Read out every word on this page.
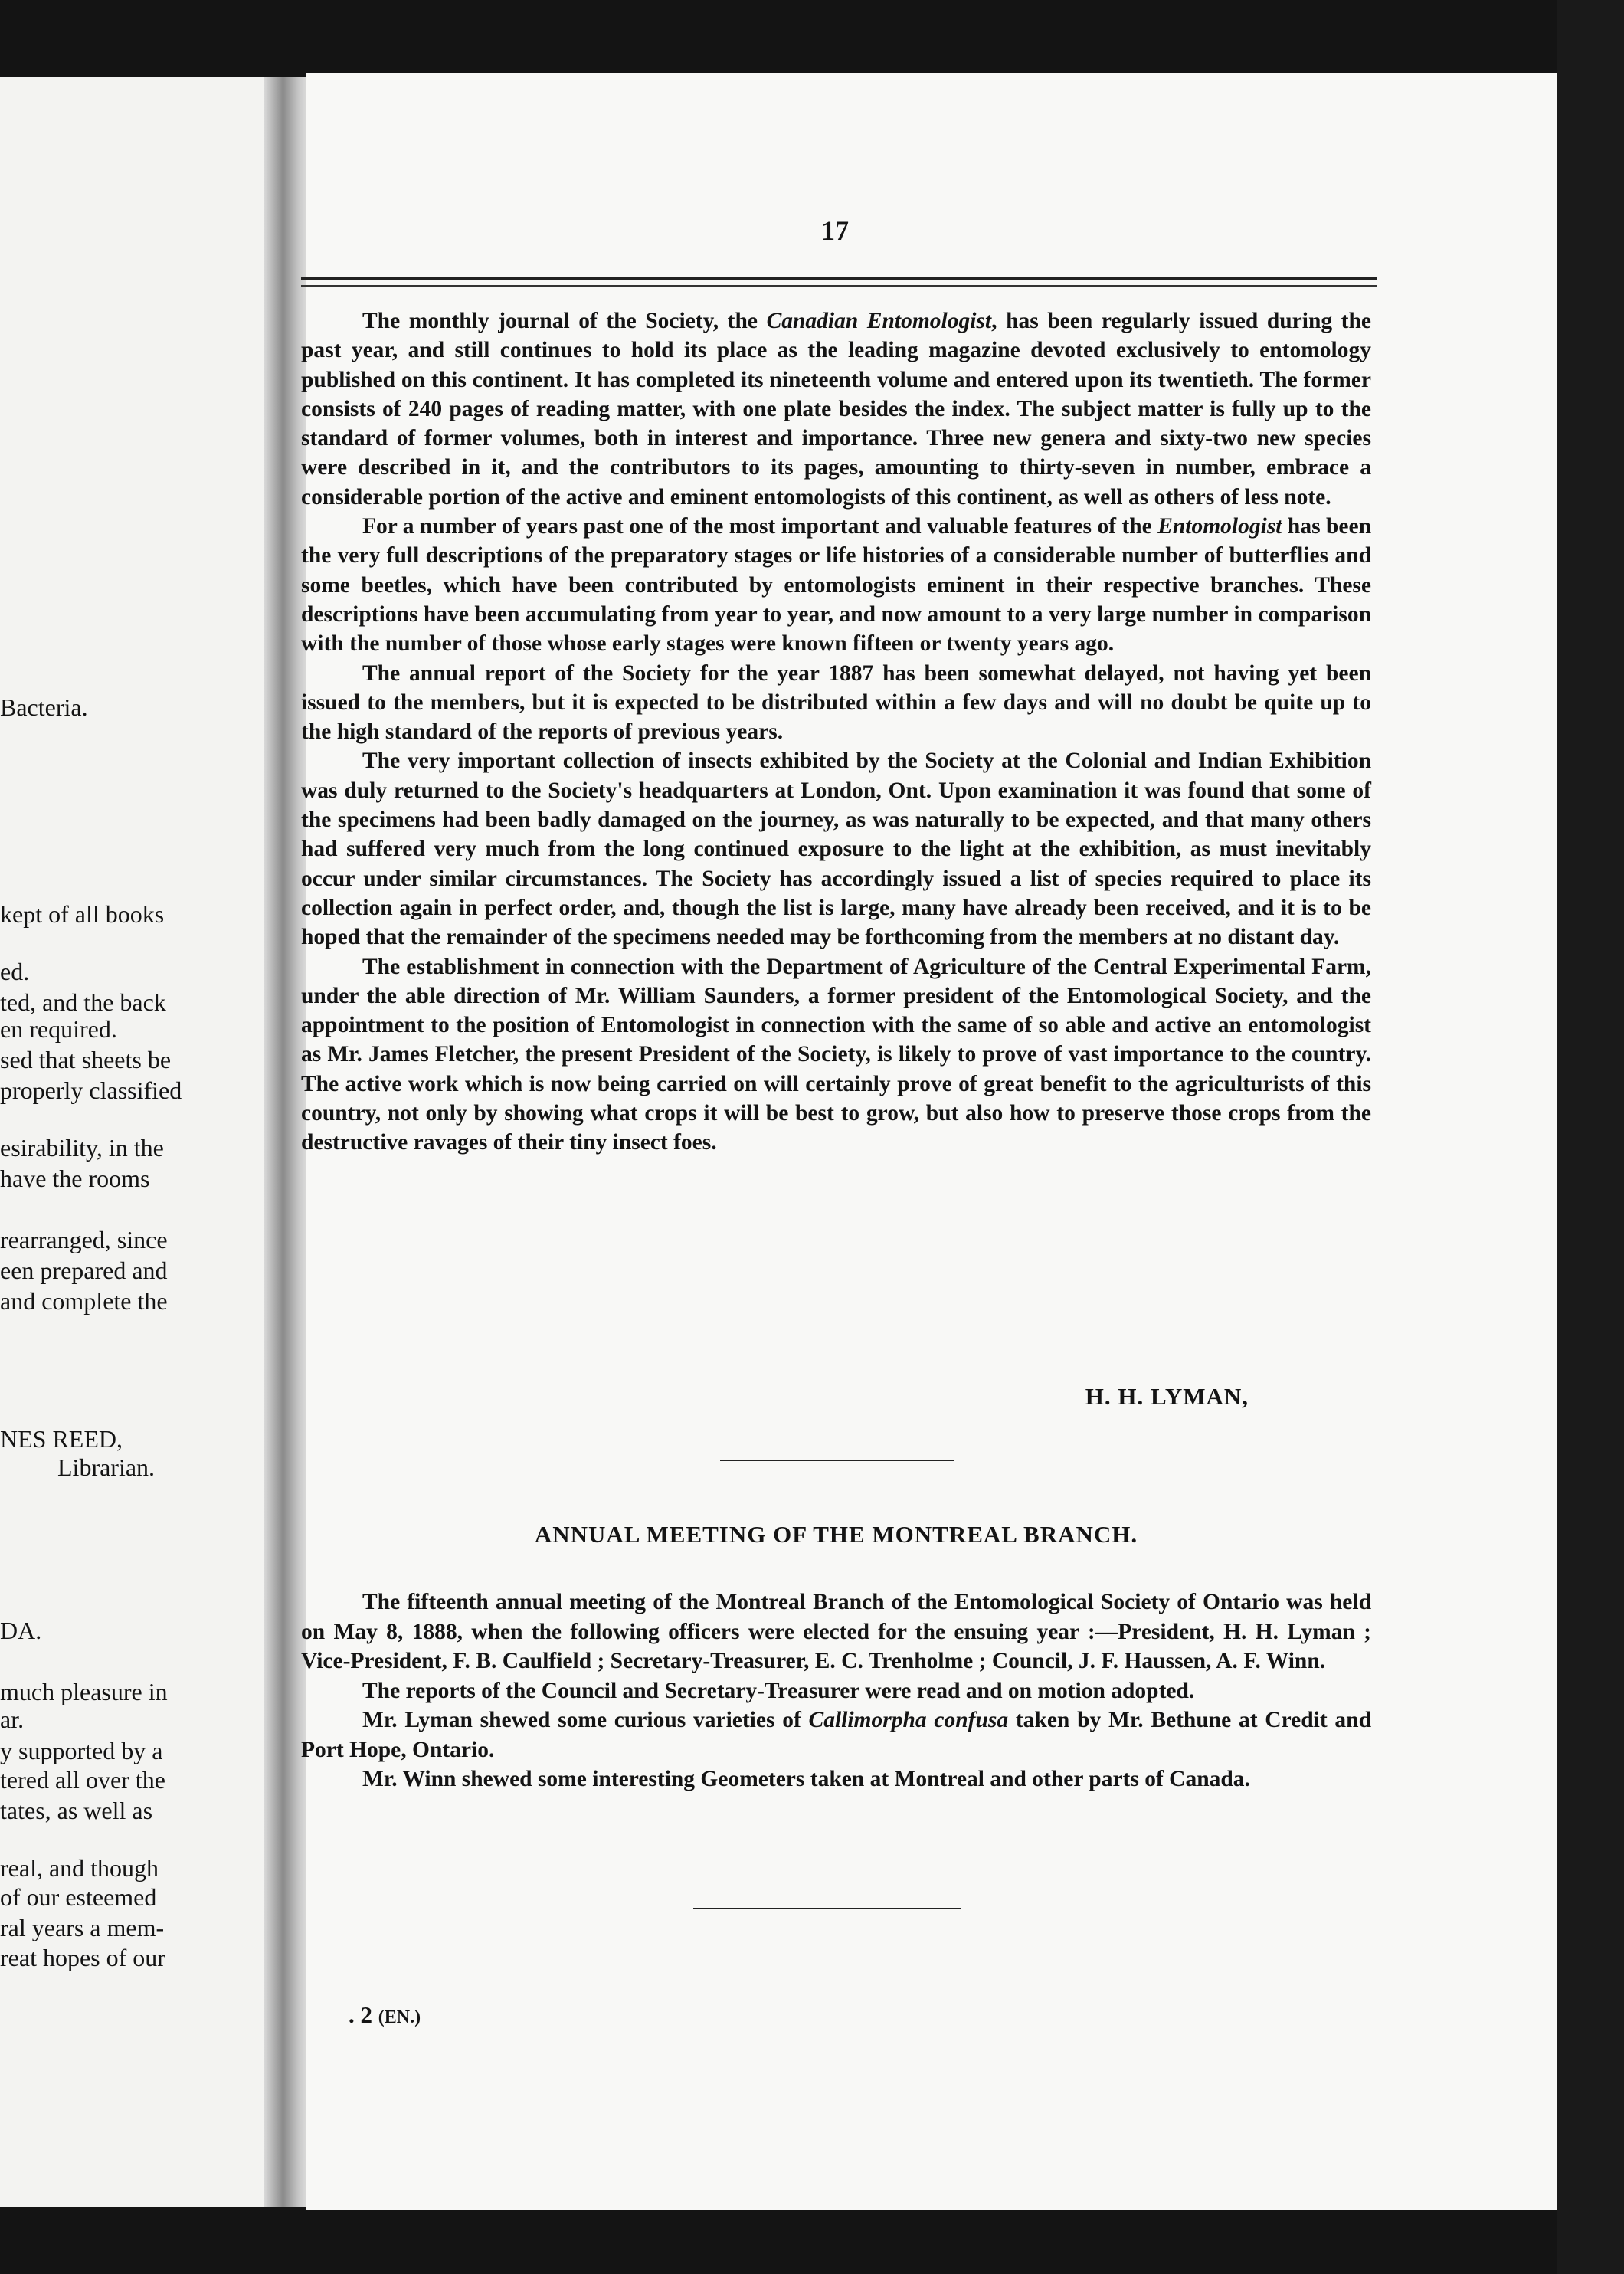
Bacteria.
kept of all books
ed.
ted, and the back
en required.
sed that sheets be
properly classified
esirability, in the
have the rooms
rearranged, since
een prepared and
and complete the
NES REED,
Librarian.
DA.
much pleasure in
ar.
y supported by a
tered all over the
tates, as well as
real, and though
of our esteemed
ral years a mem-
reat hopes of our
17

The monthly journal of the Society, the Canadian Entomologist, has been regularly issued during the past year, and still continues to hold its place as the leading magazine devoted exclusively to entomology published on this continent. It has completed its nineteenth volume and entered upon its twentieth. The former consists of 240 pages of reading matter, with one plate besides the index. The subject matter is fully up to the standard of former volumes, both in interest and importance. Three new genera and sixty-two new species were described in it, and the contributors to its pages, amounting to thirty-seven in number, embrace a considerable portion of the active and eminent entomologists of this continent, as well as others of less note.

For a number of years past one of the most important and valuable features of the Entomologist has been the very full descriptions of the preparatory stages or life histories of a considerable number of butterflies and some beetles, which have been contributed by entomologists eminent in their respective branches. These descriptions have been accumulating from year to year, and now amount to a very large number in comparison with the number of those whose early stages were known fifteen or twenty years ago.

The annual report of the Society for the year 1887 has been somewhat delayed, not having yet been issued to the members, but it is expected to be distributed within a few days and will no doubt be quite up to the high standard of the reports of previous years.

The very important collection of insects exhibited by the Society at the Colonial and Indian Exhibition was duly returned to the Society's headquarters at London, Ont. Upon examination it was found that some of the specimens had been badly damaged on the journey, as was naturally to be expected, and that many others had suffered very much from the long continued exposure to the light at the exhibition, as must inevitably occur under similar circumstances. The Society has accordingly issued a list of species required to place its collection again in perfect order, and, though the list is large, many have already been received, and it is to be hoped that the remainder of the specimens needed may be forthcoming from the members at no distant day.

The establishment in connection with the Department of Agriculture of the Central Experimental Farm, under the able direction of Mr. William Saunders, a former president of the Entomological Society, and the appointment to the position of Entomologist in connection with the same of so able and active an entomologist as Mr. James Fletcher, the present President of the Society, is likely to prove of vast importance to the country. The active work which is now being carried on will certainly prove of great benefit to the agriculturists of this country, not only by showing what crops it will be best to grow, but also how to preserve those crops from the destructive ravages of their tiny insect foes.

H. H. LYMAN,
ANNUAL MEETING OF THE MONTREAL BRANCH.

The fifteenth annual meeting of the Montreal Branch of the Entomological Society of Ontario was held on May 8, 1888, when the following officers were elected for the ensuing year :—President, H. H. Lyman ; Vice-President, F. B. Caulfield ; Secretary-Treasurer, E. C. Trenholme ; Council, J. F. Haussen, A. F. Winn.

The reports of the Council and Secretary-Treasurer were read and on motion adopted.

Mr. Lyman shewed some curious varieties of Callimorpha confusa taken by Mr. Bethune at Credit and Port Hope, Ontario.

Mr. Winn shewed some interesting Geometers taken at Montreal and other parts of Canada.

. 2 (EN.)
